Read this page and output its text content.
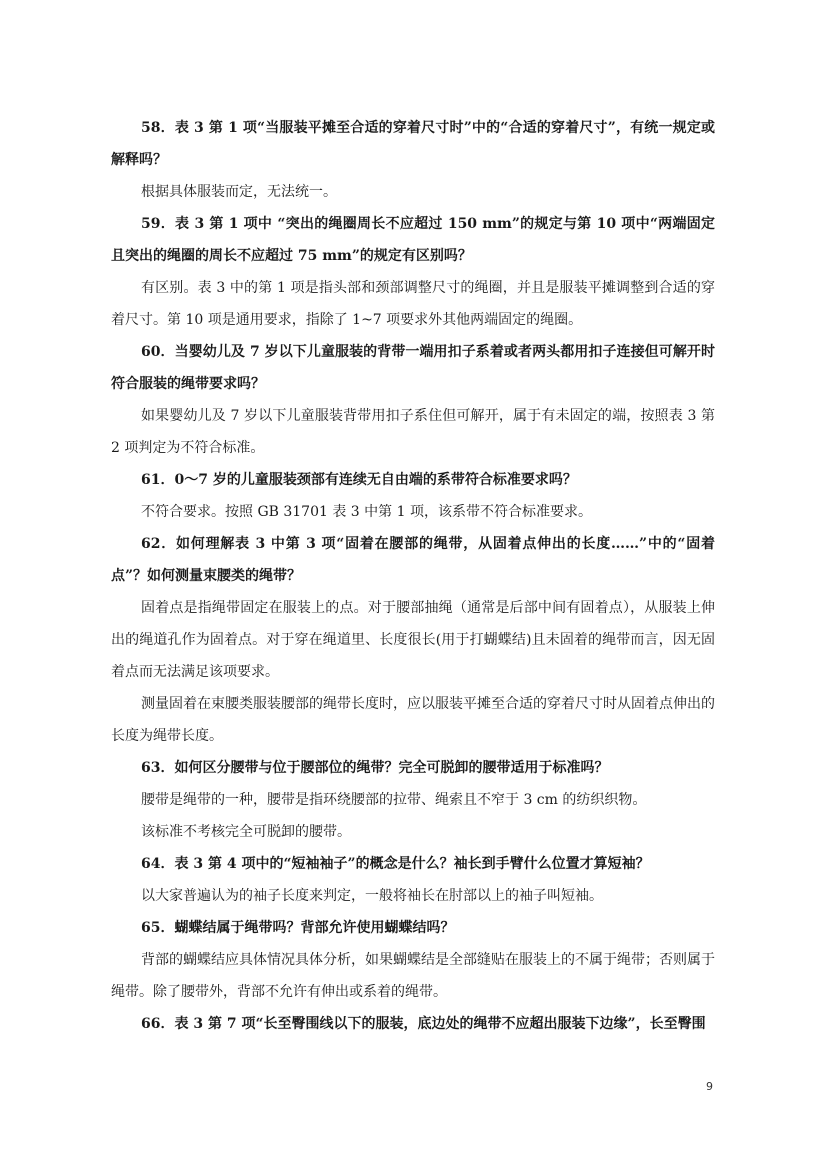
58．表 3 第 1 项“当服装平摊至合适的穿着尺寸时”中的“合适的穿着尺寸”，有统一规定或解释吗？

根据具体服装而定，无法统一。

59．表 3 第 1 项中 “突出的绳圈周长不应超过 150 mm”的规定与第 10 项中“两端固定且突出的绳圈的周长不应超过 75 mm”的规定有区别吗？

有区别。表 3 中的第 1 项是指头部和颈部调整尺寸的绳圈，并且是服装平摊调整到合适的穿着尺寸。第 10 项是通用要求，指除了 1~7 项要求外其他两端固定的绳圈。

60．当婴幼儿及 7 岁以下儿童服装的背带一端用扣子系着或者两头都用扣子连接但可解开时符合服装的绳带要求吗？

如果婴幼儿及 7 岁以下儿童服装背带用扣子系住但可解开，属于有未固定的端，按照表 3 第 2 项判定为不符合标准。

61．0～7 岁的儿童服装颈部有连续无自由端的系带符合标准要求吗？

不符合要求。按照 GB 31701 表 3 中第 1 项，该系带不符合标准要求。

62．如何理解表 3 中第 3 项“固着在腰部的绳带，从固着点伸出的长度……”中的“固着点”？如何测量束腰类的绳带？

固着点是指绳带固定在服装上的点。对于腰部抽绳（通常是后部中间有固着点），从服装上伸出的绳道孔作为固着点。对于穿在绳道里、长度很长(用于打蝴蝶结)且未固着的绳带而言，因无固着点而无法满足该项要求。

测量固着在束腰类服装腰部的绳带长度时，应以服装平摊至合适的穿着尺寸时从固着点伸出的长度为绳带长度。

63．如何区分腰带与位于腰部位的绳带？完全可脱卸的腰带适用于标准吗？

腰带是绳带的一种，腰带是指环绕腰部的拉带、绳索且不窄于 3 cm 的纺织织物。

该标准不考核完全可脱卸的腰带。

64．表 3 第 4 项中的“短袖袖子”的概念是什么？袖长到手臂什么位置才算短袖？

以大家普遍认为的袖子长度来判定，一般将袖长在肘部以上的袖子叫短袖。

65．蝴蝶结属于绳带吗？背部允许使用蝴蝶结吗？

背部的蝴蝶结应具体情况具体分析，如果蝴蝶结是全部缝贴在服装上的不属于绳带；否则属于绳带。除了腰带外，背部不允许有伸出或系着的绳带。

66．表 3 第 7 项“长至臀围线以下的服装，底边处的绳带不应超出服装下边缘”，长至臀围

9
